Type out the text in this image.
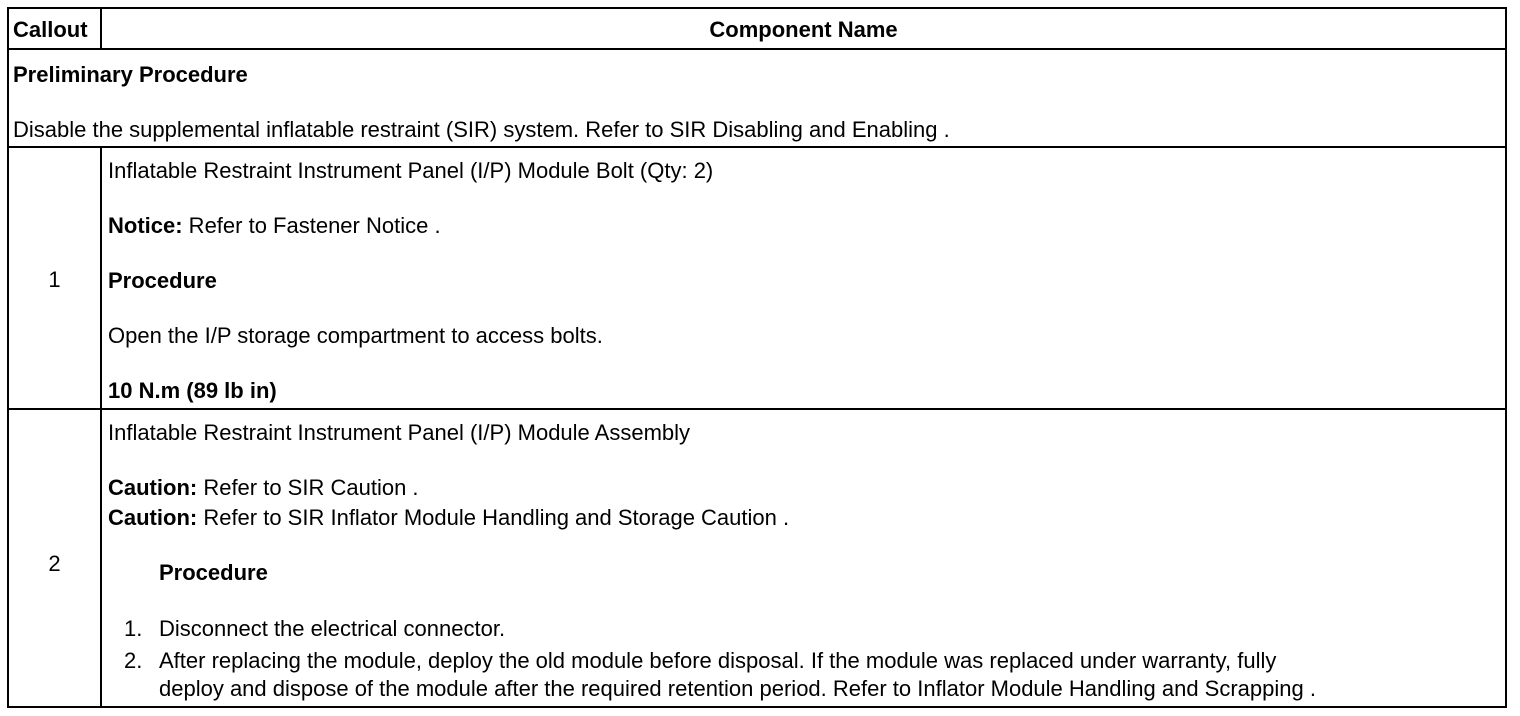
Callout	Component Name
Preliminary Procedure
Disable the supplemental inflatable restraint (SIR) system. Refer to SIR Disabling and Enabling .
1
Inflatable Restraint Instrument Panel (I/P) Module Bolt (Qty: 2)
Notice: Refer to Fastener Notice .
Procedure
Open the I/P storage compartment to access bolts.
10 N.m (89 lb in)
2
Inflatable Restraint Instrument Panel (I/P) Module Assembly
Caution: Refer to SIR Caution .
Caution: Refer to SIR Inflator Module Handling and Storage Caution .
Procedure
1. Disconnect the electrical connector.
2. After replacing the module, deploy the old module before disposal. If the module was replaced under warranty, fully
deploy and dispose of the module after the required retention period. Refer to Inflator Module Handling and Scrapping .
